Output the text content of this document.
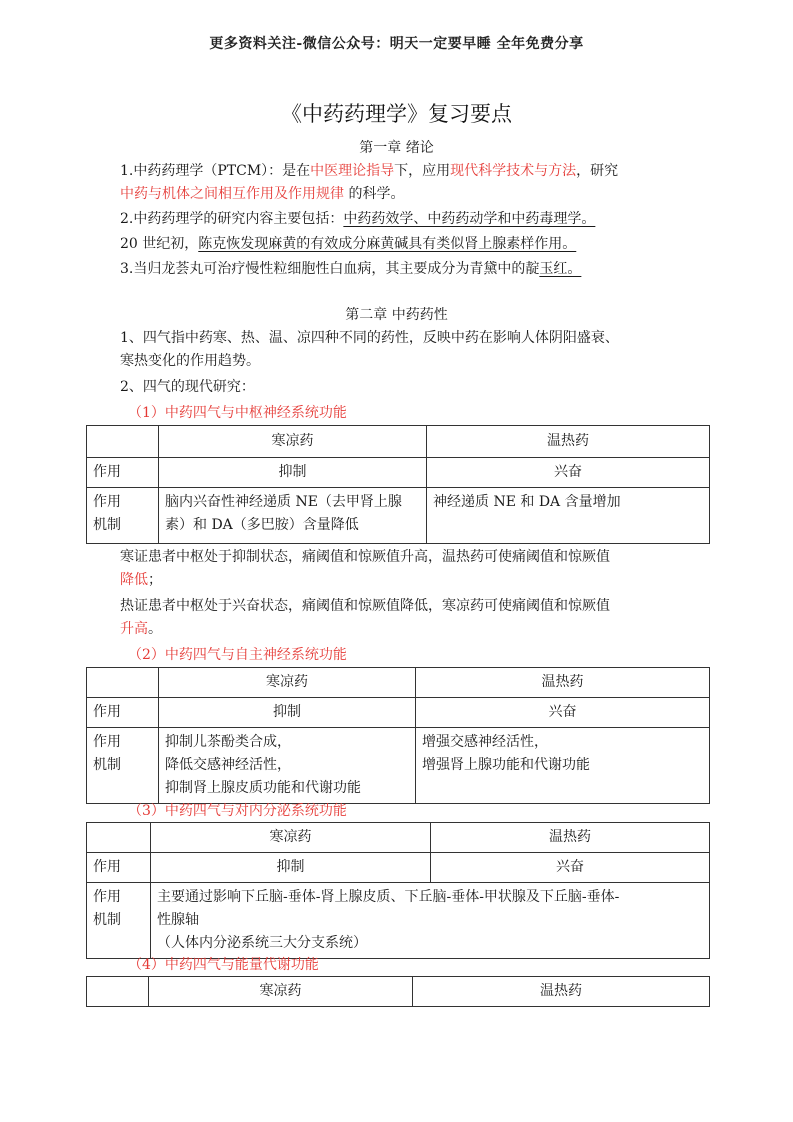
更多资料关注-微信公众号：明天一定要早睡 全年免费分享
《中药药理学》复习要点
第一章 绪论
1.中药药理学（PTCM）：是在中医理论指导下，应用现代科学技术与方法，研究
中药与机体之间相互作用及作用规律 的科学。
2.中药药理学的研究内容主要包括：中药药效学、中药药动学和中药毒理学。
20 世纪初，陈克恢发现麻黄的有效成分麻黄碱具有类似肾上腺素样作用。
3.当归龙荟丸可治疗慢性粒细胞性白血病，其主要成分为青黛中的靛玉红。
第二章 中药药性
1、四气指中药寒、热、温、凉四种不同的药性，反映中药在影响人体阴阳盛衰、
寒热变化的作用趋势。
2、四气的现代研究：
（1）中药四气与中枢神经系统功能
	寒凉药	温热药
作用	抑制	兴奋

作用
机制	脑内兴奋性神经递质 NE（去甲肾上腺
素）和 DA（多巴胺）含量降低	神经递质 NE 和 DA 含量增加
寒证患者中枢处于抑制状态，痛阈值和惊厥值升高，温热药可使痛阈值和惊厥值
降低；
热证患者中枢处于兴奋状态，痛阈值和惊厥值降低，寒凉药可使痛阈值和惊厥值
升高。
（2）中药四气与自主神经系统功能
	寒凉药	温热药
作用	抑制	兴奋

作用
机制	抑制儿茶酚类合成，
降低交感神经活性，
抑制肾上腺皮质功能和代谢功能	增强交感神经活性，
增强肾上腺功能和代谢功能
（3）中药四气与对内分泌系统功能
	寒凉药	温热药
作用	抑制	兴奋

作用
机制	主要通过影响下丘脑-垂体-肾上腺皮质、下丘脑-垂体-甲状腺及下丘脑-垂体-
性腺轴
（人体内分泌系统三大分支系统）	
（4）中药四气与能量代谢功能
	寒凉药	温热药
